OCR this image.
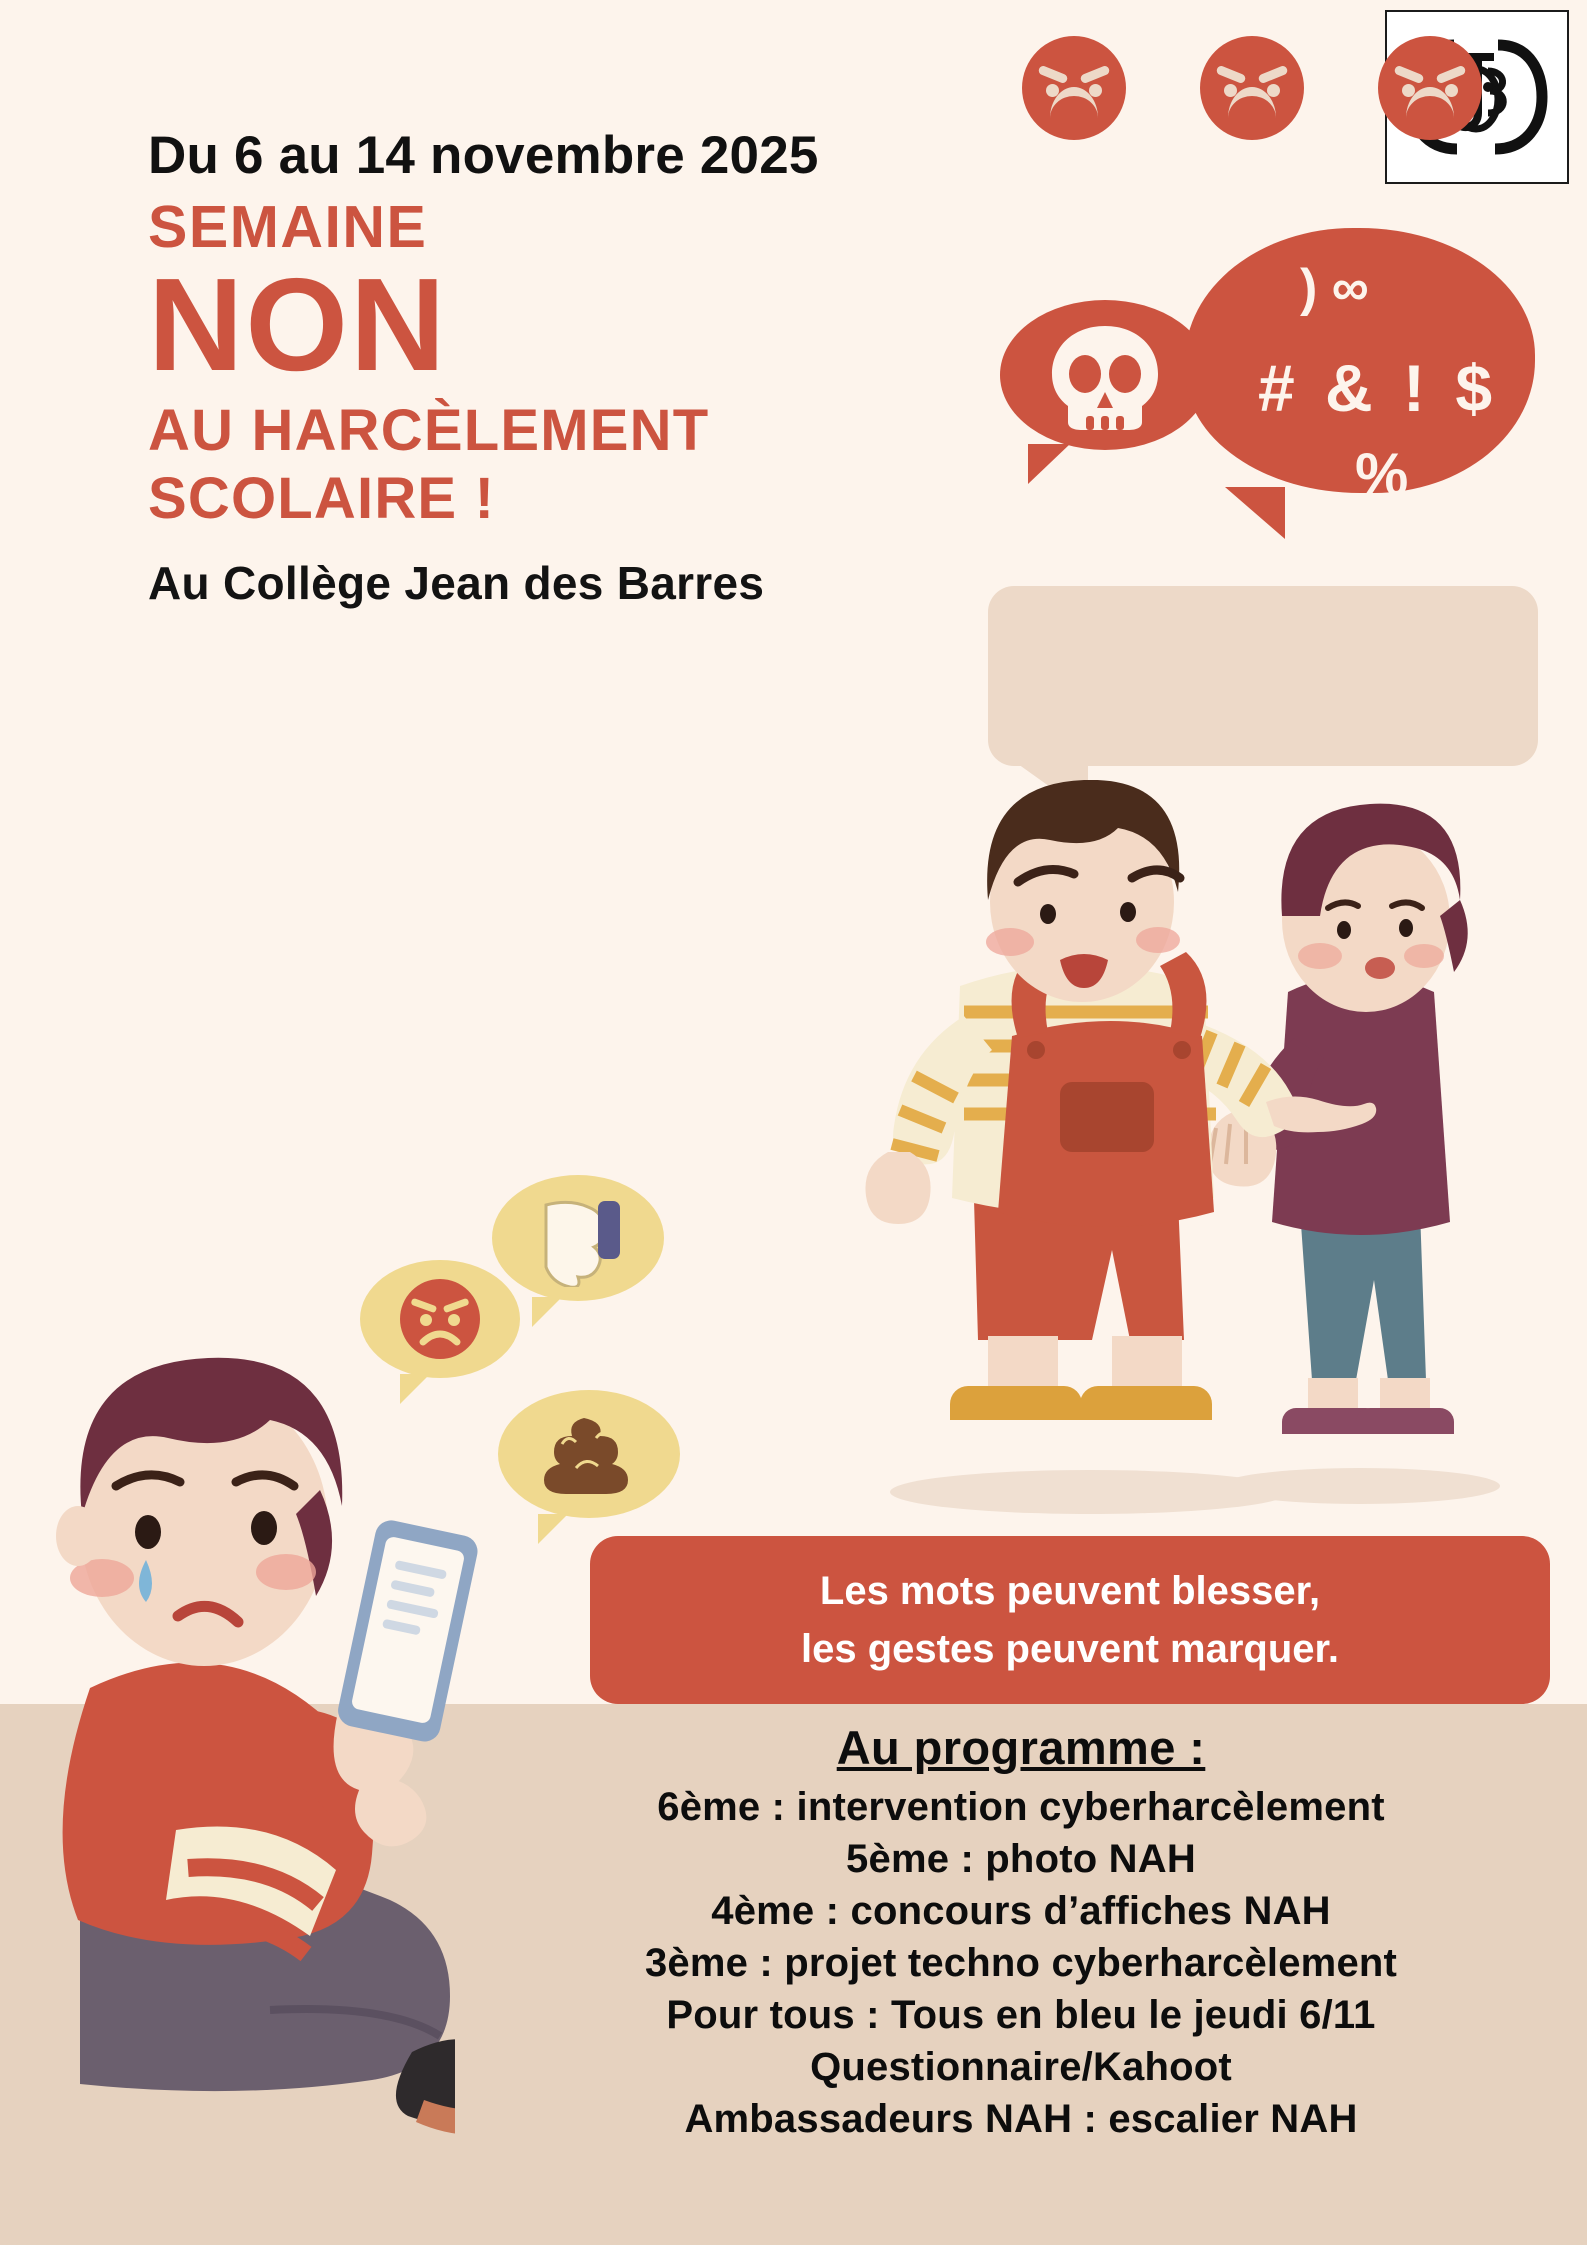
Du 6 au 14 novembre 2025
SEMAINE
NON
AU HARCÈLEMENT
SCOLAIRE !
Au Collège Jean des Barres
) ∞
# & ! $
%
Les mots peuvent blesser,
les gestes peuvent marquer.
Au programme :
6ème : intervention cyberharcèlement
5ème : photo NAH
4ème : concours d’affiches NAH
3ème : projet techno cyberharcèlement
Pour tous : Tous en bleu le jeudi 6/11
Questionnaire/Kahoot
Ambassadeurs NAH : escalier NAH
